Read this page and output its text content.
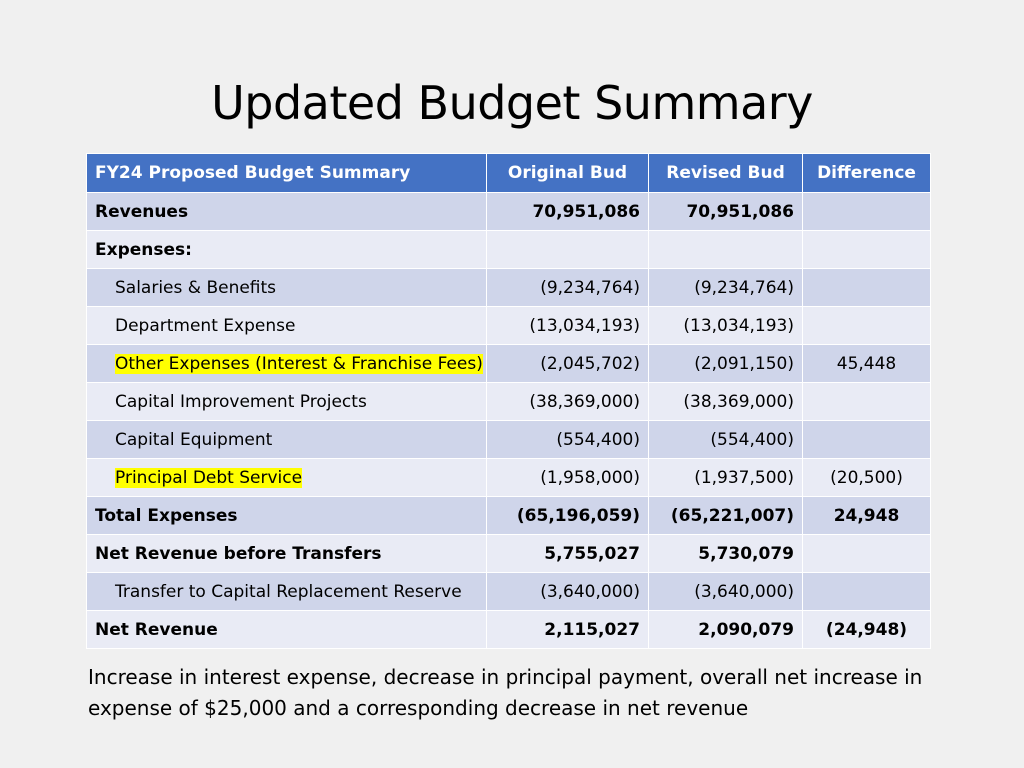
Updated Budget Summary
FY24 Proposed Budget Summary	Original Bud	Revised Bud	Difference
Revenues	70,951,086	70,951,086	
Expenses:			
Salaries & Benefits	(9,234,764)	(9,234,764)	
Department Expense	(13,034,193)	(13,034,193)	
Other Expenses (Interest & Franchise Fees)	(2,045,702)	(2,091,150)	45,448
Capital Improvement Projects	(38,369,000)	(38,369,000)	
Capital Equipment	(554,400)	(554,400)	
Principal Debt Service	(1,958,000)	(1,937,500)	(20,500)
Total Expenses	(65,196,059)	(65,221,007)	24,948
Net Revenue before Transfers	5,755,027	5,730,079	
Transfer to Capital Replacement Reserve	(3,640,000)	(3,640,000)	
Net Revenue	2,115,027	2,090,079	(24,948)
Increase in interest expense, decrease in principal payment, overall net increase in expense of $25,000 and a corresponding decrease in net revenue
